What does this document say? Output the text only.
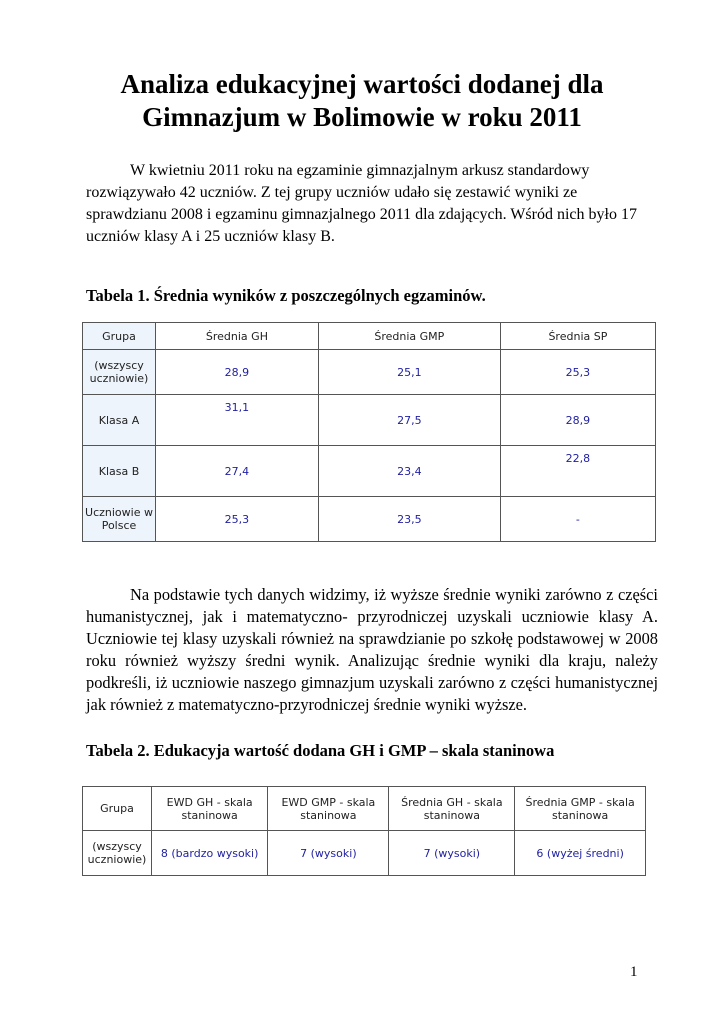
Analiza edukacyjnej wartości dodanej dla Gimnazjum w Bolimowie w roku 2011

W kwietniu 2011 roku na egzaminie gimnazjalnym arkusz standardowy rozwiązywało 42 uczniów. Z tej grupy uczniów udało się zestawić wyniki ze sprawdzianu 2008 i egzaminu gimnazjalnego 2011 dla zdających. Wśród nich było 17 uczniów klasy A i 25 uczniów klasy B.

Tabela 1. Średnia wyników z poszczególnych egzaminów.
Grupa	Średnia GH	Średnia GMP	Średnia SP
(wszyscy uczniowie)	28,9	25,1	25,3
Klasa A	31,1	27,5	28,9
Klasa B	27,4	23,4	22,8
Uczniowie w Polsce	25,3	23,5	-

Na podstawie tych danych widzimy, iż wyższe średnie wyniki zarówno z części humanistycznej, jak i matematyczno- przyrodniczej uzyskali uczniowie klasy A. Uczniowie tej klasy uzyskali również na sprawdzianie po szkołę podstawowej w 2008 roku również wyższy średni wynik. Analizując średnie wyniki dla kraju, należy podkreśli, iż uczniowie naszego gimnazjum uzyskali zarówno z części humanistycznej jak również z matematyczno-przyrodniczej średnie wyniki wyższe.

Tabela 2. Edukacyja wartość dodana GH i GMP – skala staninowa
Grupa	EWD GH - skala staninowa	EWD GMP - skala staninowa	Średnia GH - skala staninowa	Średnia GMP - skala staninowa
(wszyscy uczniowie)	8 (bardzo wysoki)	7 (wysoki)	7 (wysoki)	6 (wyżej średni)
1
